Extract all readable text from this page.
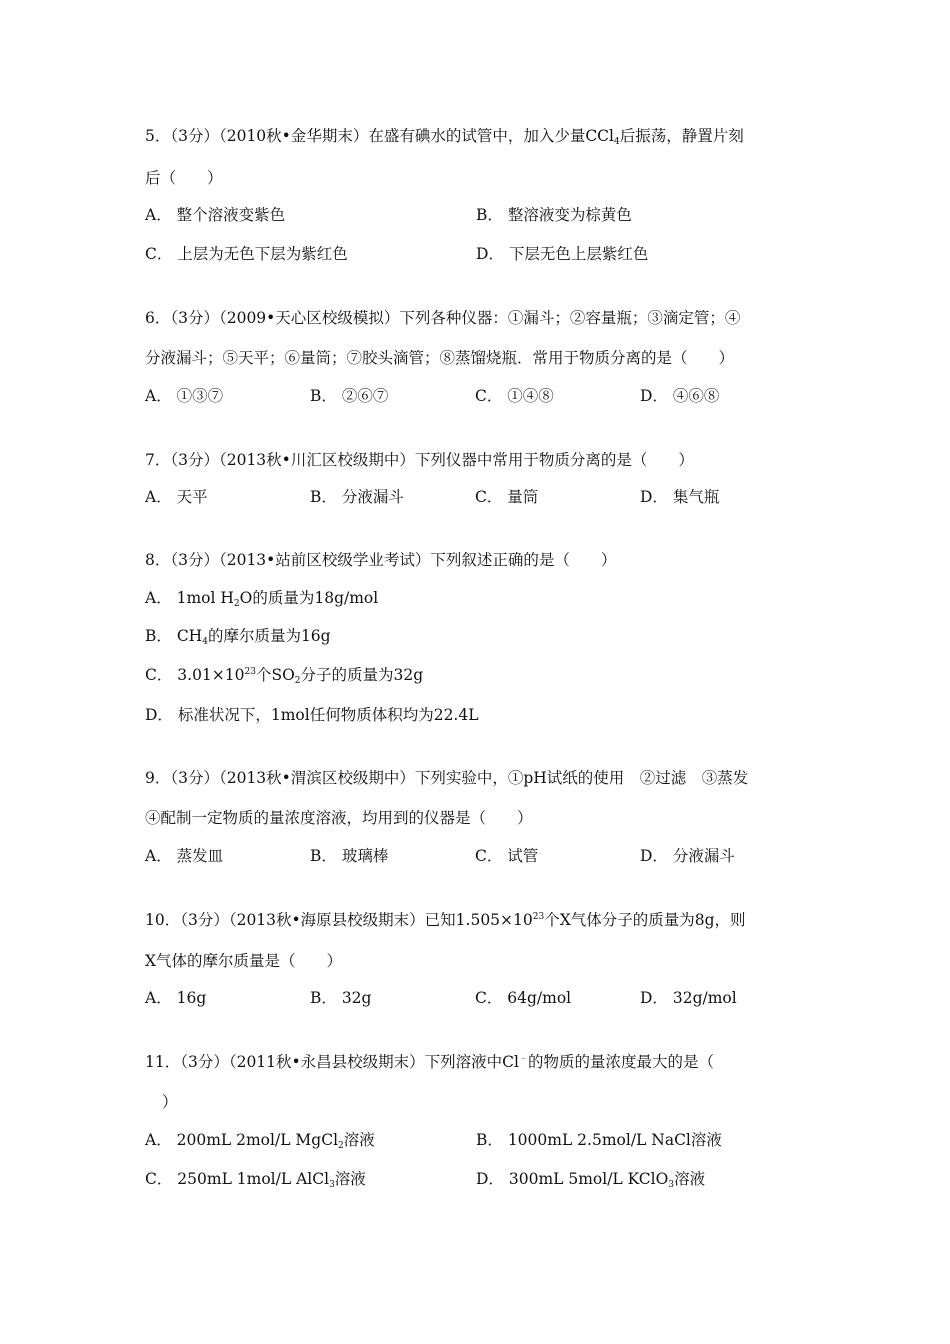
5．（3分）（2010秋•金华期末）在盛有碘水的试管中，加入少量CCl$_4$后振荡，静置片刻
后（　　）
A． 整个溶液变紫色	B． 整溶液变为棕黄色
C． 上层为无色下层为紫红色	D． 下层无色上层紫红色
6．（3分）（2009•天心区校级模拟）下列各种仪器：①漏斗；②容量瓶；③滴定管；④
分液漏斗；⑤天平；⑥量筒；⑦胶头滴管；⑧蒸馏烧瓶．常用于物质分离的是（　　）
A． ①③⑦	B． ②⑥⑦	C． ①④⑧	D． ④⑥⑧
7．（3分）（2013秋•川汇区校级期中）下列仪器中常用于物质分离的是（　　）
A． 天平	B． 分液漏斗	C． 量筒	D． 集气瓶
8．（3分）（2013•站前区校级学业考试）下列叙述正确的是（　　）
A． 1mol $H_2O$的质量为18g/mol
B． $CH_4$的摩尔质量为16g
C． $3.01\times 10^{23}$个$SO_2$分子的质量为32g
D． 标准状况下，1mol任何物质体积均为22.4L
9．（3分）（2013秋•渭滨区校级期中）下列实验中，①pH试纸的使用　②过滤　③蒸发
④配制一定物质的量浓度溶液，均用到的仪器是（　　）
A． 蒸发皿	B． 玻璃棒	C． 试管	D． 分液漏斗
10．（3分）（2013秋•海原县校级期末）已知$1.505\times 10^{23}$个X气体分子的质量为8g，则
X气体的摩尔质量是（　　）
A． 16g	B． 32g	C． 64g/mol	D． 32g/mol
11．（3分）（2011秋•永昌县校级期末）下列溶液中Cl﹣的物质的量浓度最大的是（
）
A． 200mL 2mol/L MgCl$_2$溶液	B． 1000mL 2.5mol/L NaCl溶液
C． 250mL 1mol/L AlCl$_3$溶液	D． 300mL 5mol/L KClO$_3$溶液
